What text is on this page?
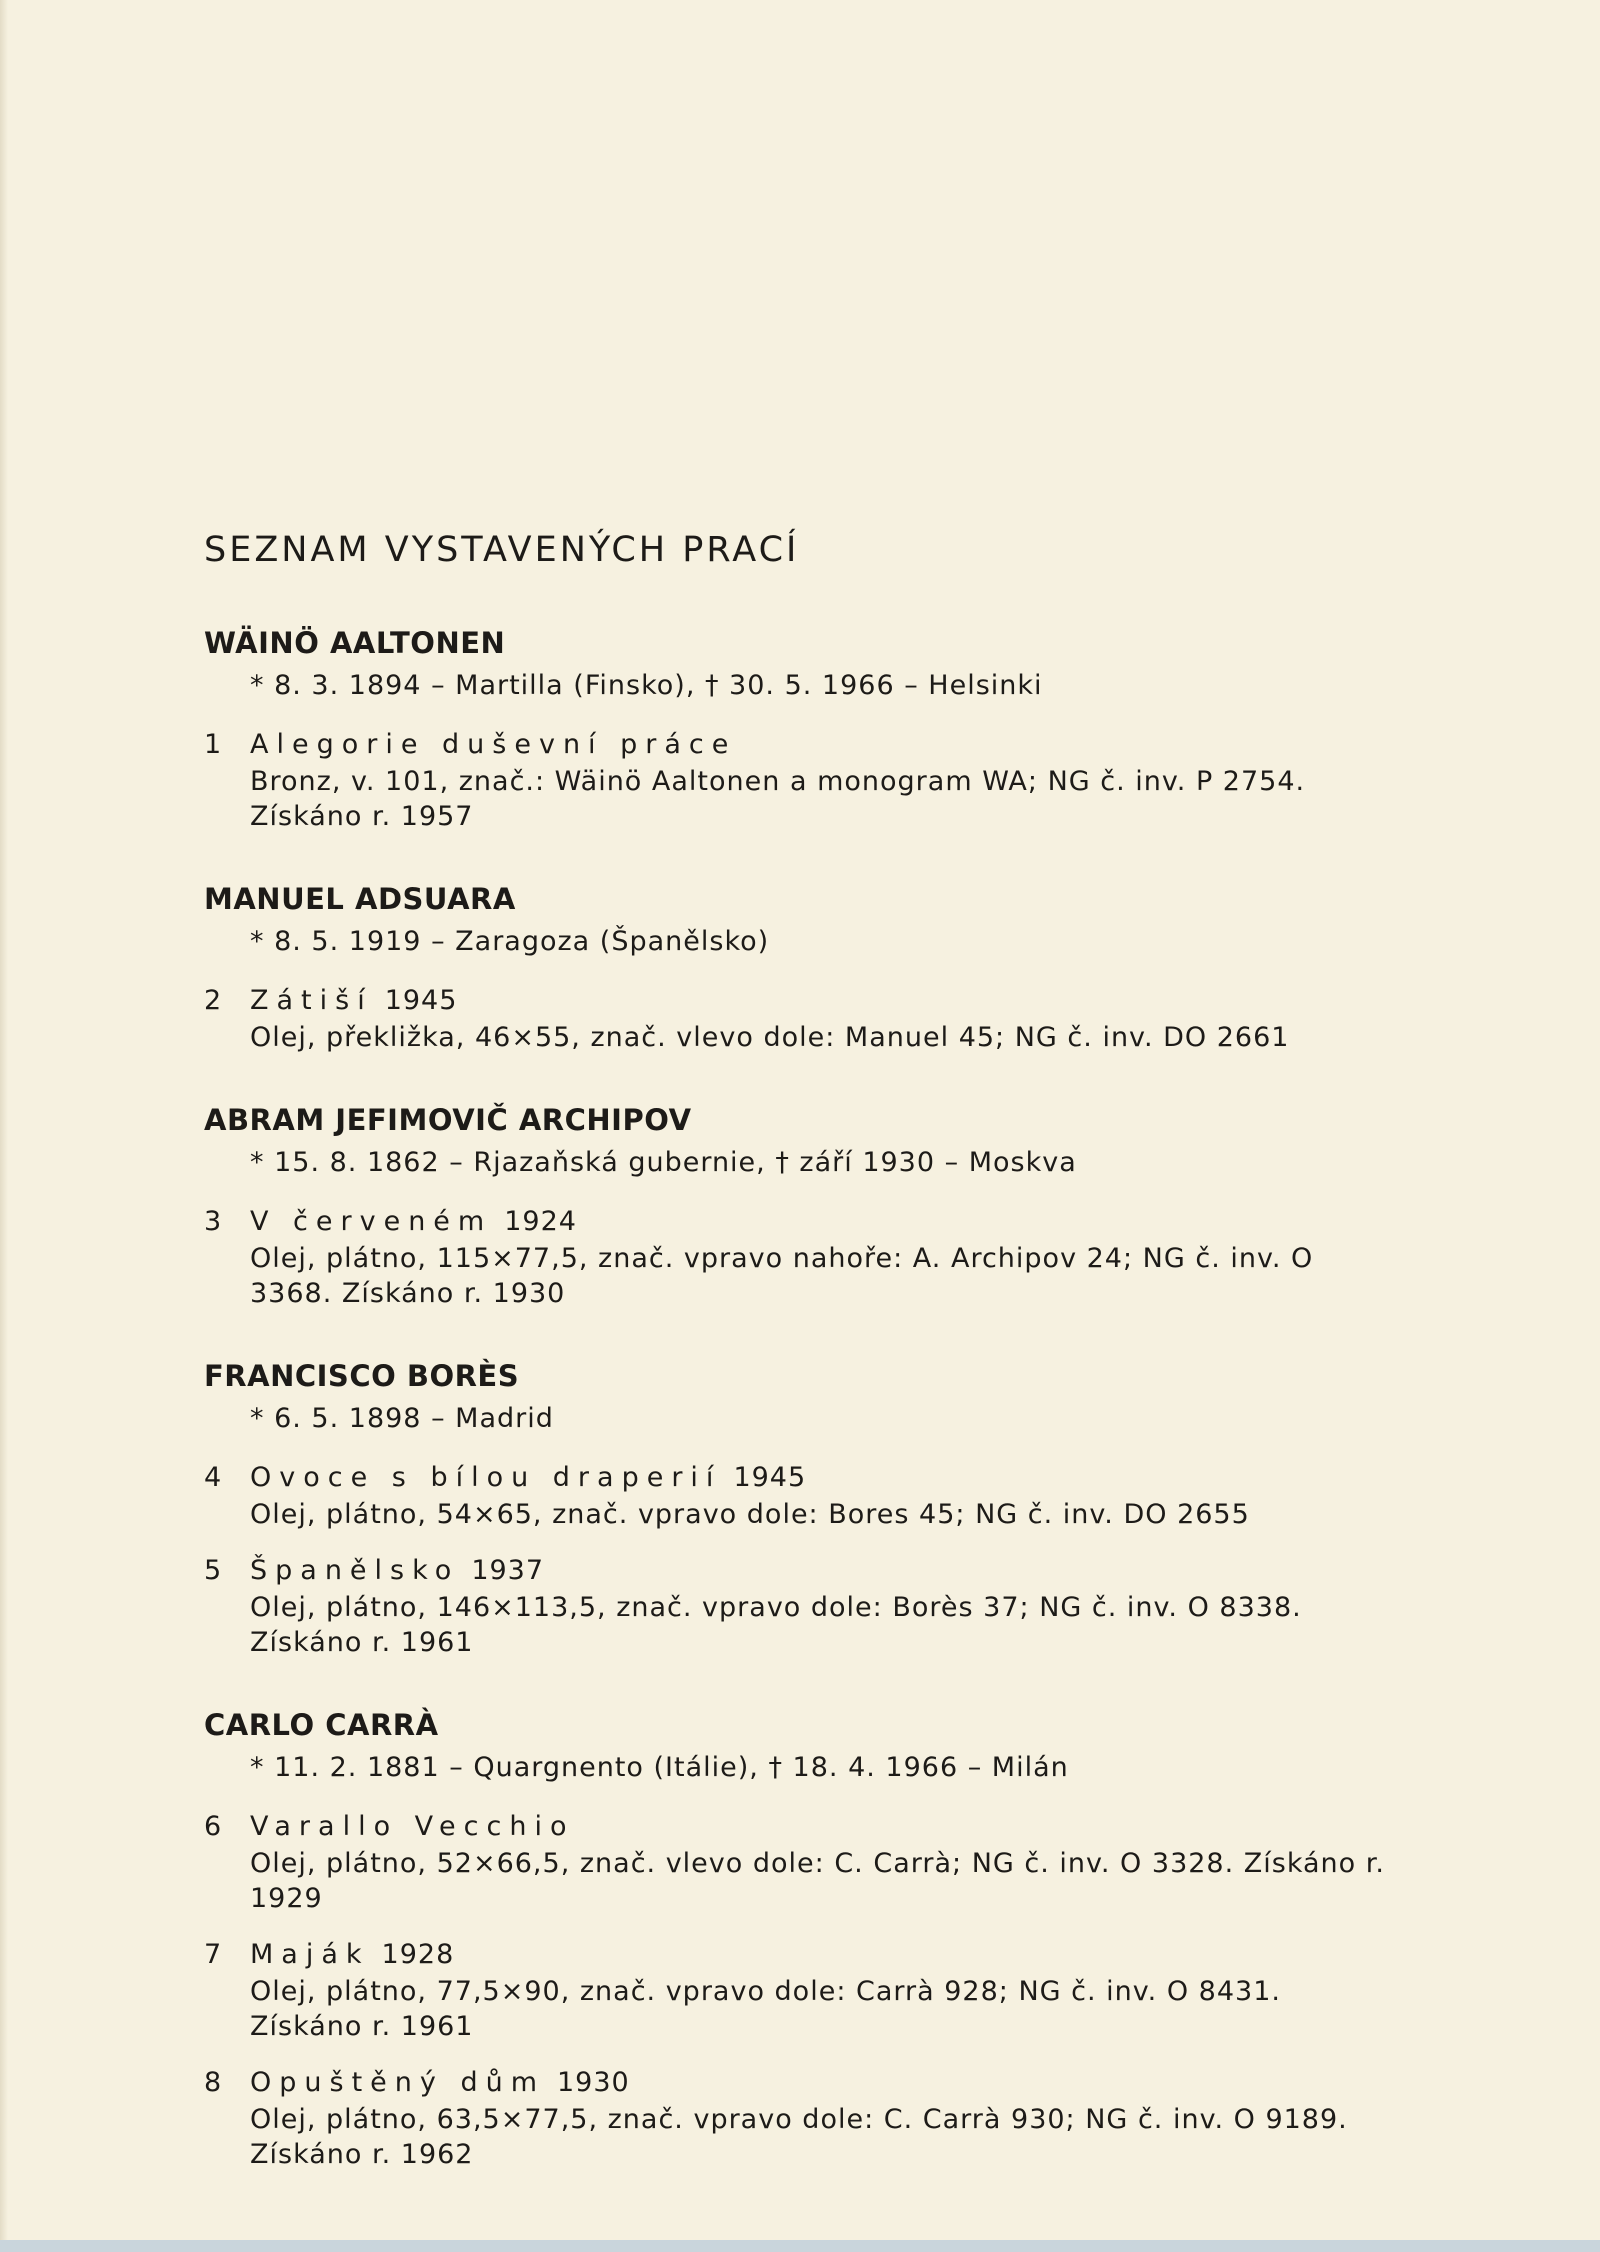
SEZNAM VYSTAVENÝCH PRACÍ
WÄINÖ AALTONEN
* 8. 3. 1894 – Martilla (Finsko), † 30. 5. 1966 – Helsinki
1	Alegorie duševní práce
Bronz, v. 101, znač.: Wäinö Aaltonen a monogram WA; NG č. inv. P 2754. Získáno r. 1957
MANUEL ADSUARA
* 8. 5. 1919 – Zaragoza (Španělsko)
2	Zátiší 1945
Olej, překližka, 46×55, znač. vlevo dole: Manuel 45; NG č. inv. DO 2661
ABRAM JEFIMOVIČ ARCHIPOV
* 15. 8. 1862 – Rjazaňská gubernie, † září 1930 – Moskva
3	V červeném 1924
Olej, plátno, 115×77,5, znač. vpravo nahoře: A. Archipov 24; NG č. inv. O 3368. Získáno r. 1930
FRANCISCO BORÈS
* 6. 5. 1898 – Madrid
4	Ovoce s bílou draperií 1945
Olej, plátno, 54×65, znač. vpravo dole: Bores 45; NG č. inv. DO 2655
5	Španělsko 1937
Olej, plátno, 146×113,5, znač. vpravo dole: Borès 37; NG č. inv. O 8338. Získáno r. 1961
CARLO CARRÀ
* 11. 2. 1881 – Quargnento (Itálie), † 18. 4. 1966 – Milán
6	Varallo Vecchio
Olej, plátno, 52×66,5, znač. vlevo dole: C. Carrà; NG č. inv. O 3328. Získáno r. 1929
7	Maják 1928
Olej, plátno, 77,5×90, znač. vpravo dole: Carrà 928; NG č. inv. O 8431. Získáno r. 1961
8	Opuštěný dům 1930
Olej, plátno, 63,5×77,5, znač. vpravo dole: C. Carrà 930; NG č. inv. O 9189. Získáno r. 1962
